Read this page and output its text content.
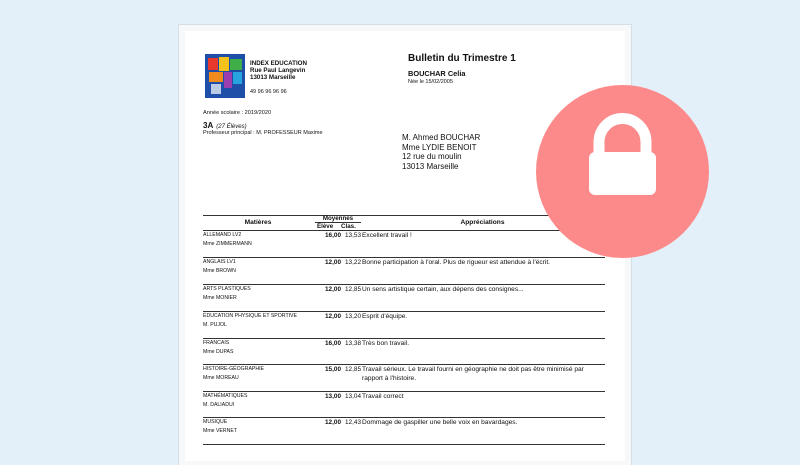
INDEX EDUCATION
Rue Paul Langevin
13013 Marseille
49 96 96 96 96
Année scolaire : 2019/2020
3A (27 Élèves)
Professeur principal : M. PROFESSEUR Maxime
Bulletin du Trimestre 1
BOUCHAR Celia
Née le 15/02/2005
M. Ahmed BOUCHAR
Mme LYDIE BENOIT
12 rue du moulin
13013 Marseille
Matières
Moyennes
Élève Clas.
Appréciations
ALLEMAND LV2
Mme ZIMMERMANN
16,00 13,53 Excellent travail !
ANGLAIS LV1
Mme BROWN
12,00 13,22 Bonne participation à l'oral. Plus de rigueur est attendue à l'écrit.
ARTS PLASTIQUES
Mme MONIER
12,00 12,85 Un sens artistique certain, aux dépens des consignes...
ÉDUCATION PHYSIQUE ET SPORTIVE
M. PUJOL
12,00 13,20 Esprit d'équipe.
FRANCAIS
Mme DUPAS
16,00 13,38 Très bon travail.
HISTOIRE-GÉOGRAPHIE
Mme MOREAU
15,00 12,85 Travail sérieux. Le travail fourni en géographie ne doit pas être minimisé par rapport à l'histoire.
MATHÉMATIQUES
M. DALIADUI
13,00 13,04 Travail correct
MUSIQUE
Mme VERNET
12,00 12,43 Dommage de gaspiller une belle voix en bavardages.
